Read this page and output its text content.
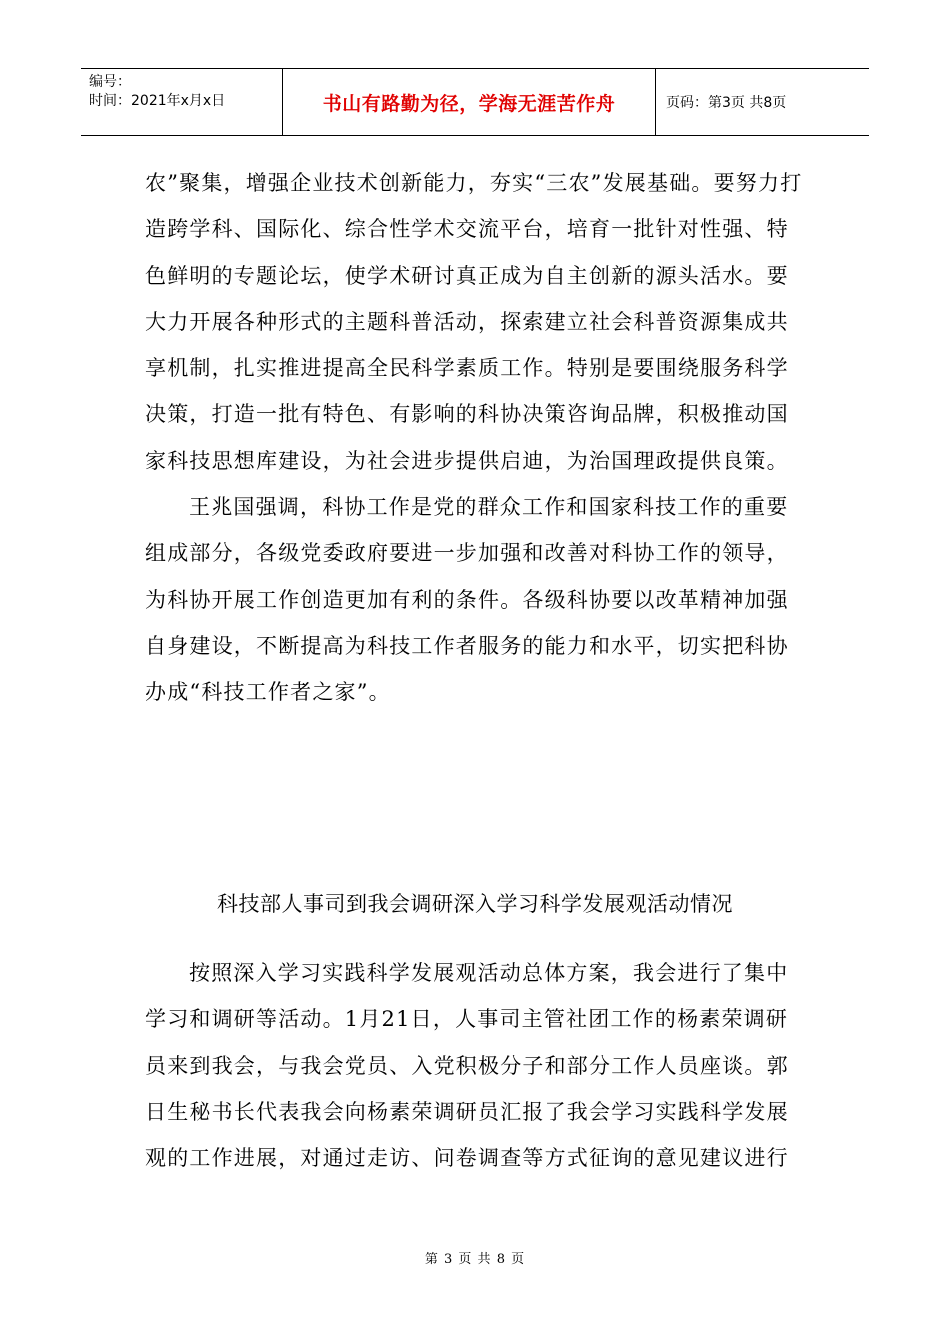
编号：
时间：2021年x月x日	书山有路勤为径，学海无涯苦作舟	页码：第3页 共8页

农”聚集，增强企业技术创新能力，夯实“三农”发展基础。要努力打造跨学科、国际化、综合性学术交流平台，培育一批针对性强、特色鲜明的专题论坛，使学术研讨真正成为自主创新的源头活水。要大力开展各种形式的主题科普活动，探索建立社会科普资源集成共享机制，扎实推进提高全民科学素质工作。特别是要围绕服务科学决策，打造一批有特色、有影响的科协决策咨询品牌，积极推动国家科技思想库建设，为社会进步提供启迪，为治国理政提供良策。

王兆国强调，科协工作是党的群众工作和国家科技工作的重要组成部分，各级党委政府要进一步加强和改善对科协工作的领导，为科协开展工作创造更加有利的条件。各级科协要以改革精神加强自身建设，不断提高为科技工作者服务的能力和水平，切实把科协办成“科技工作者之家”。

科技部人事司到我会调研深入学习科学发展观活动情况

按照深入学习实践科学发展观活动总体方案，我会进行了集中学习和调研等活动。1月21日，人事司主管社团工作的杨素荣调研员来到我会，与我会党员、入党积极分子和部分工作人员座谈。郭日生秘书长代表我会向杨素荣调研员汇报了我会学习实践科学发展观的工作进展，对通过走访、问卷调查等方式征询的意见建议进行

第 3 页 共 8 页
